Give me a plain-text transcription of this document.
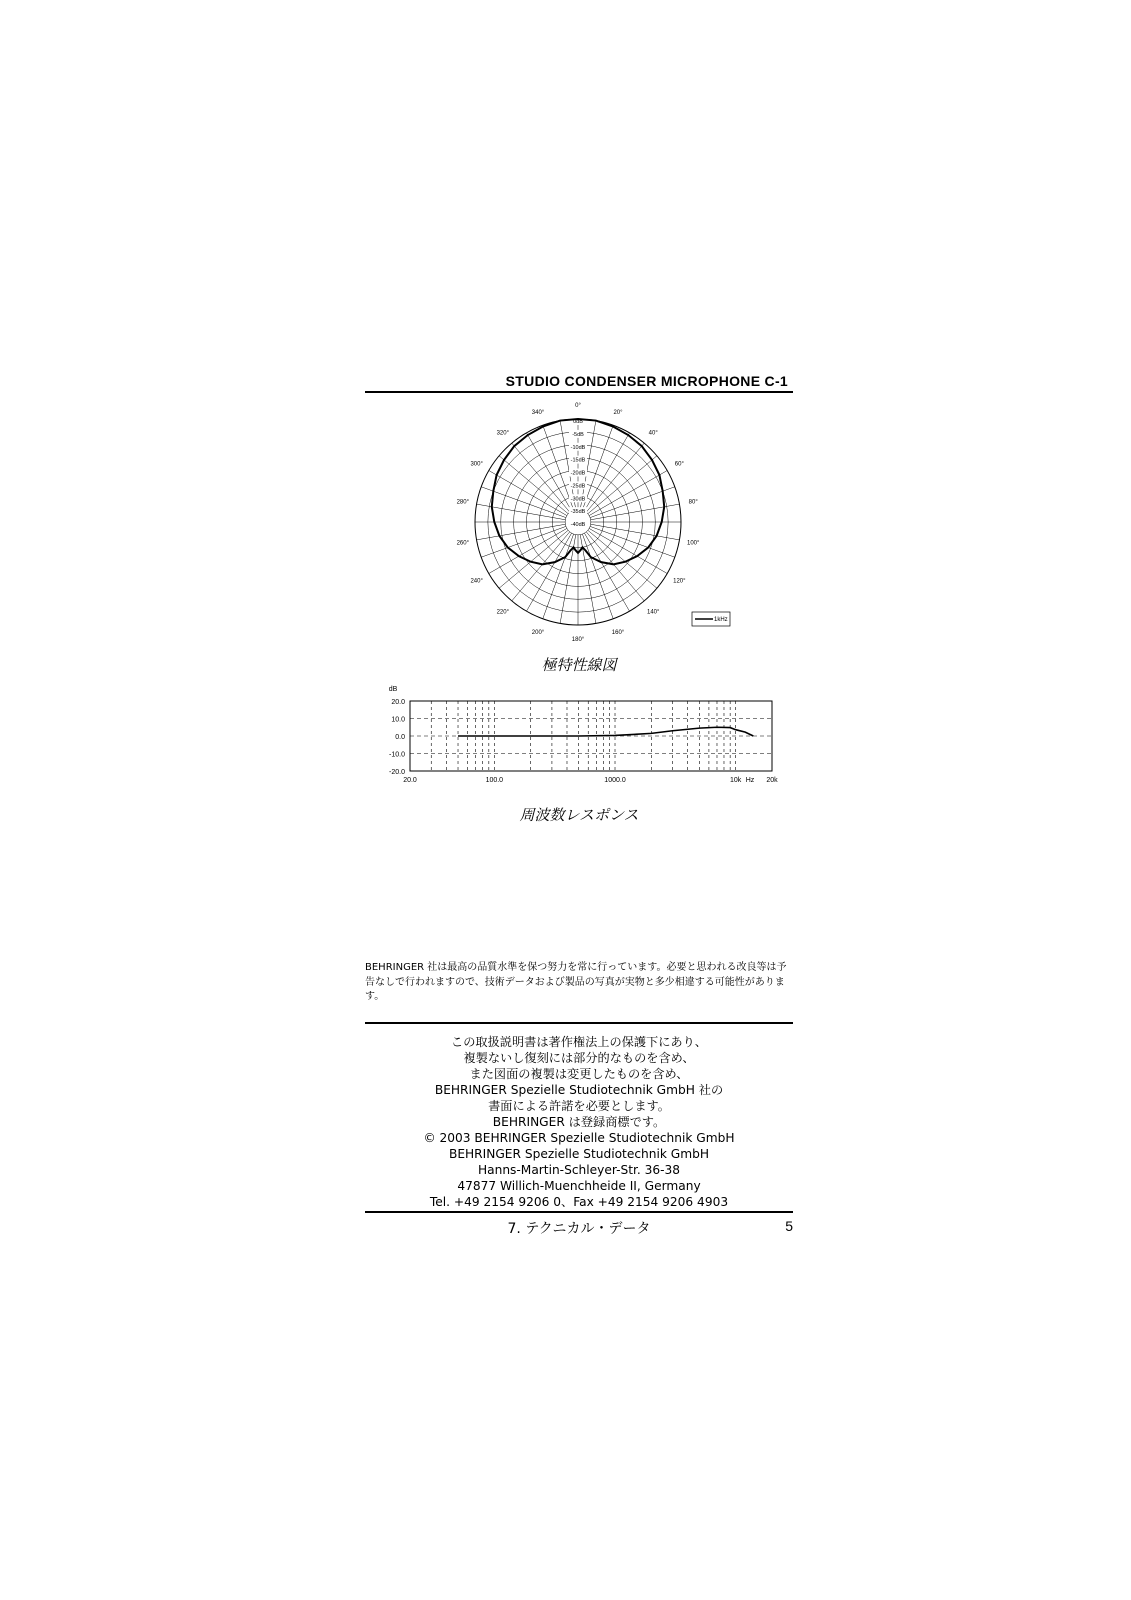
STUDIO CONDENSER MICROPHONE C-1
0°
20°
40°
60°
80°
100°
120°
140°
160°
180°
200°
220°
240°
260°
280°
300°
320°
340°
0dB
-5dB
-10dB
-15dB
-20dB
-25dB
-30dB
-35dB
-40dB
1kHz
20.0
10.0
0.0
-10.0
-20.0
dB
20.0	100.0	1000.0	10k	20k
Hz
極特性線図
周波数レスポンス
BEHRINGER 社は最高の品質水準を保つ努力を常に行っています。必要と思われる改良等は予告なしで行われますので、技術データおよび製品の写真が実物と多少相違する可能性があります。
この取扱説明書は著作権法上の保護下にあり、
複製ないし復刻には部分的なものを含め、
また図面の複製は変更したものを含め、
BEHRINGER Spezielle Studiotechnik GmbH 社の
書面による許諾を必要とします。
BEHRINGER は登録商標です。
© 2003 BEHRINGER Spezielle Studiotechnik GmbH
BEHRINGER Spezielle Studiotechnik GmbH
Hanns-Martin-Schleyer-Str. 36-38
47877 Willich-Muenchheide II, Germany
Tel. +49 2154 9206 0、Fax +49 2154 9206 4903
7. テクニカル・データ	5
